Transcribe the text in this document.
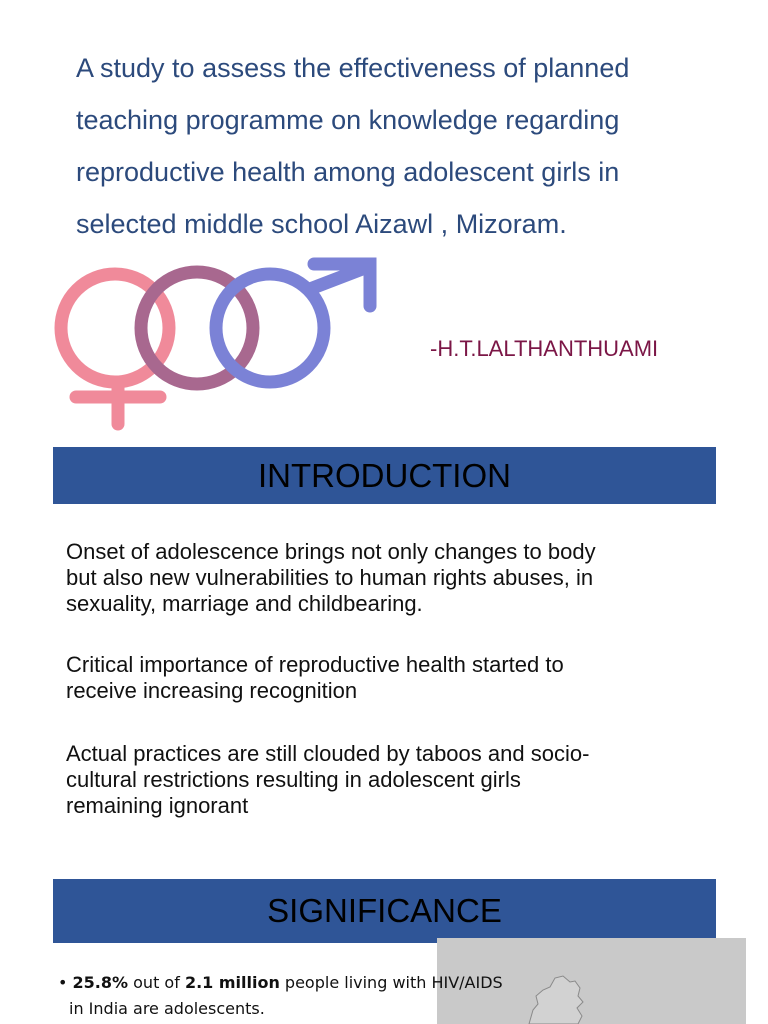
A study to assess the effectiveness of planned
teaching programme on knowledge regarding
reproductive health among adolescent girls in
selected middle school Aizawl , Mizoram.
-H.T.LALTHANTHUAMI
INTRODUCTION

Onset of adolescence brings not only changes to body
but also new vulnerabilities to human rights abuses, in
sexuality, marriage and childbearing.

Critical importance of reproductive health started to
receive increasing recognition

Actual practices are still clouded by taboos and socio-
cultural restrictions resulting in adolescent girls
remaining ignorant

SIGNIFICANCE
• 25.8% out of 2.1 million people living with HIV/AIDS
in India are adolescents.
